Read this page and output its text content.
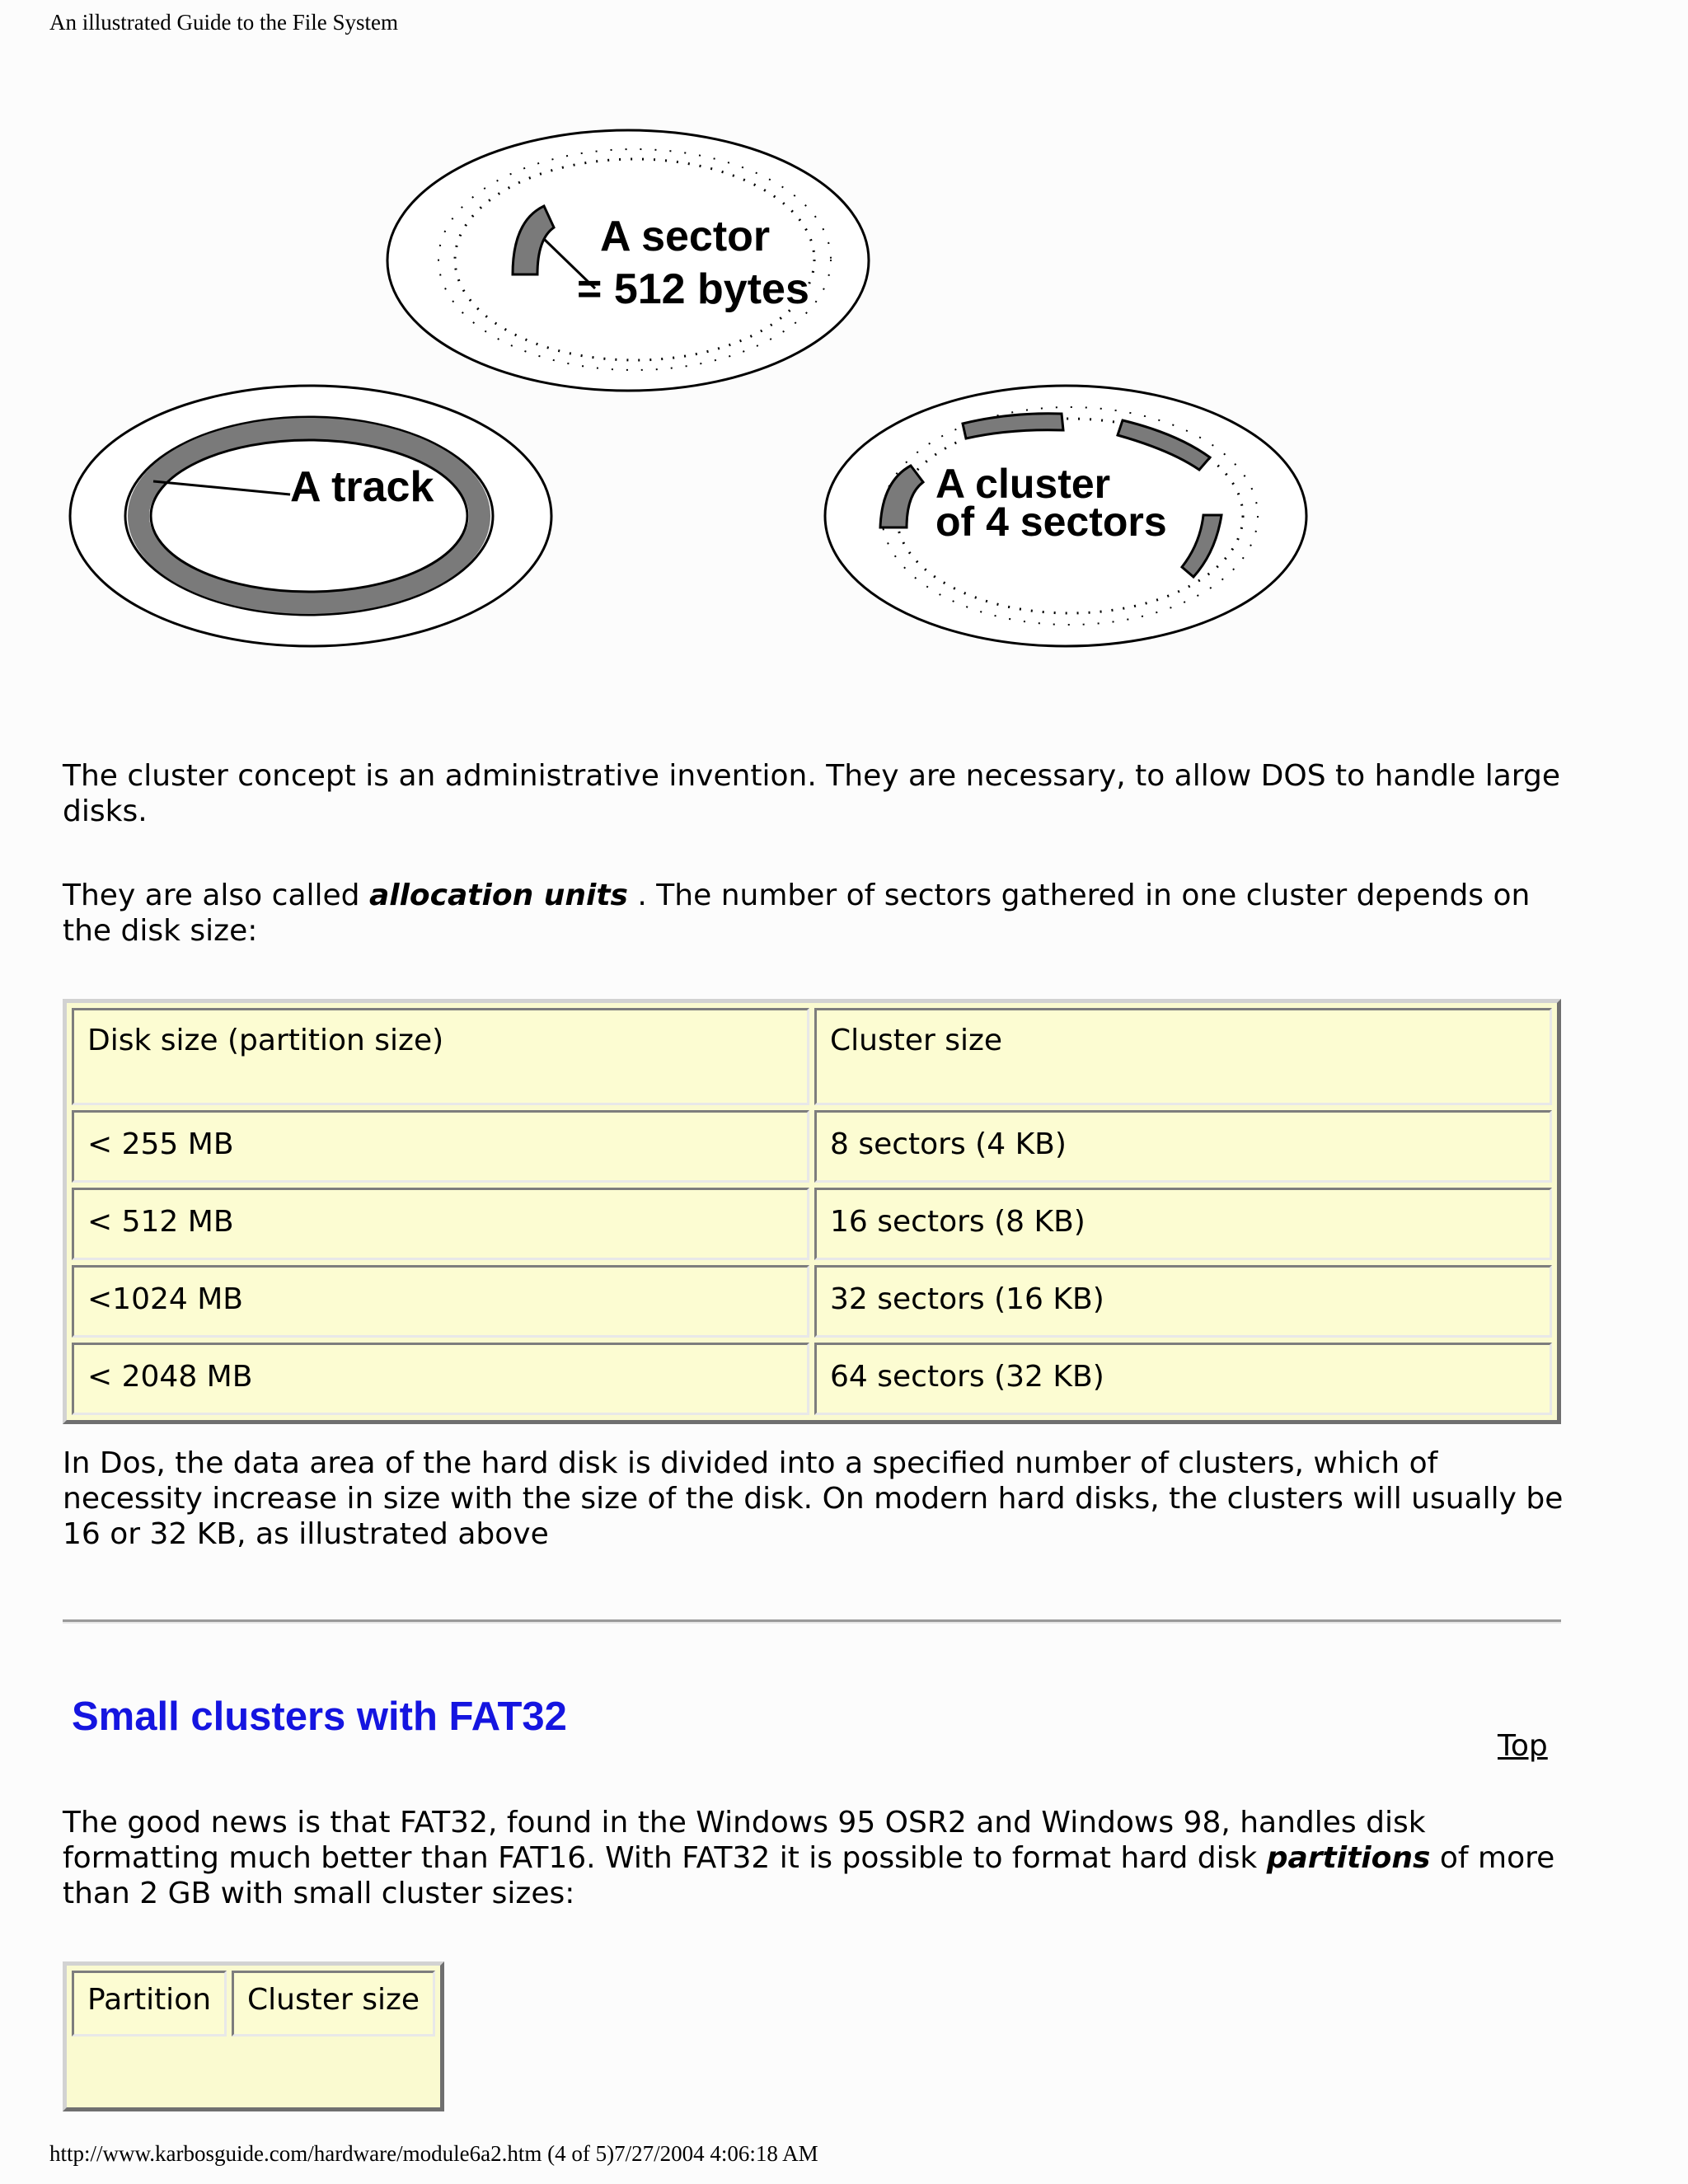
An illustrated Guide to the File System
A sector
= 512 bytes
A track	A cluster
of 4 sectors

The cluster concept is an administrative invention. They are necessary, to allow DOS to handle large disks.

They are also called allocation units . The number of sectors gathered in one cluster depends on the disk size:

Disk size (partition size)	Cluster size
< 255 MB	8 sectors (4 KB)
< 512 MB	16 sectors (8 KB)
<1024 MB	32 sectors (16 KB)
< 2048 MB	64 sectors (32 KB)

In Dos, the data area of the hard disk is divided into a specified number of clusters, which of necessity increase in size with the size of the disk. On modern hard disks, the clusters will usually be 16 or 32 KB, as illustrated above

Small clusters with FAT32
Top

The good news is that FAT32, found in the Windows 95 OSR2 and Windows 98, handles disk formatting much better than FAT16. With FAT32 it is possible to format hard disk partitions of more than 2 GB with small cluster sizes:

Partition	Cluster size

http://www.karbosguide.com/hardware/module6a2.htm (4 of 5)7/27/2004 4:06:18 AM
